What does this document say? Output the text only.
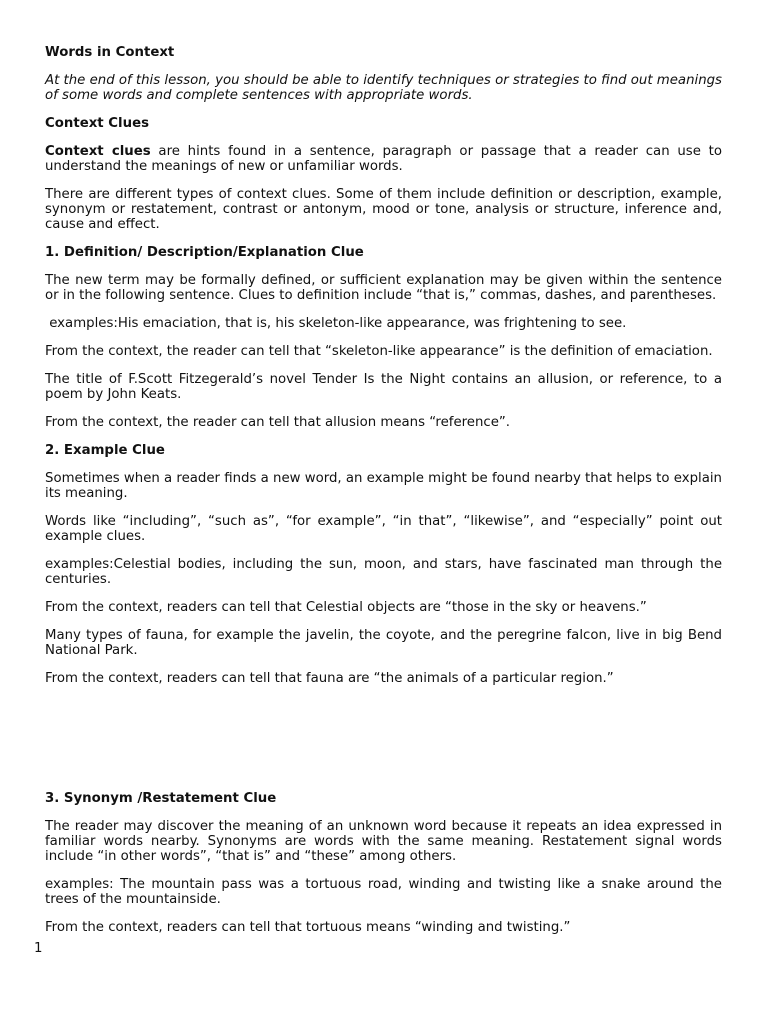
Words in Context

At the end of this lesson, you should be able to identify techniques or strategies to find out meanings of some words and complete sentences with appropriate words.

Context Clues

Context clues are hints found in a sentence, paragraph or passage that a reader can use to understand the meanings of new or unfamiliar words.

There are different types of context clues. Some of them include definition or description, example, synonym or restatement, contrast or antonym, mood or tone, analysis or structure, inference and, cause and effect.

1. Definition/ Description/Explanation Clue

The new term may be formally defined, or sufficient explanation may be given within the sentence or in the following sentence. Clues to definition include “that is,” commas, dashes, and parentheses.

examples:His emaciation, that is, his skeleton-like appearance, was frightening to see.

From the context, the reader can tell that “skeleton-like appearance” is the definition of emaciation.

The title of F.Scott Fitzegerald’s novel Tender Is the Night contains an allusion, or reference, to a poem by John Keats.

From the context, the reader can tell that allusion means “reference”.

2. Example Clue

Sometimes when a reader finds a new word, an example might be found nearby that helps to explain its meaning.

Words like “including”, “such as”, “for example”, “in that”, “likewise”, and “especially” point out example clues.

examples:Celestial bodies, including the sun, moon, and stars, have fascinated man through the centuries.

From the context, readers can tell that Celestial objects are “those in the sky or heavens.”

Many types of fauna, for example the javelin, the coyote, and the peregrine falcon, live in big Bend National Park.

From the context, readers can tell that fauna are “the animals of a particular region.”

3. Synonym /Restatement Clue

The reader may discover the meaning of an unknown word because it repeats an idea expressed in familiar words nearby. Synonyms are words with the same meaning. Restatement signal words include “in other words”, “that is” and “these” among others.

examples: The mountain pass was a tortuous road, winding and twisting like a snake around the trees of the mountainside.

From the context, readers can tell that tortuous means “winding and twisting.”

1
